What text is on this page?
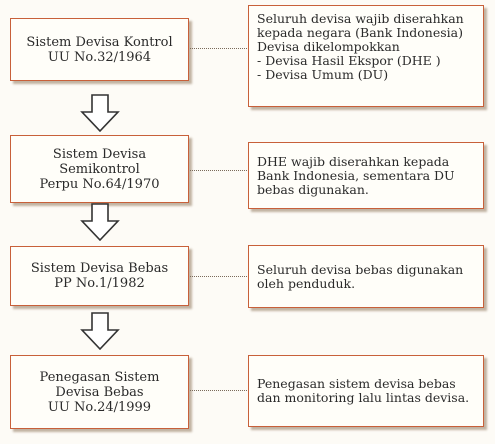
Sistem Devisa Kontrol
UU No.32/1964
Seluruh devisa wajib diserahkan
kepada negara (Bank Indonesia)
Devisa dikelompokkan
- Devisa Hasil Ekspor (DHE )
- Devisa Umum (DU)
Sistem Devisa
Semikontrol
Perpu No.64/1970
DHE wajib diserahkan kepada
Bank Indonesia, sementara DU
bebas digunakan.
Sistem Devisa Bebas
PP No.1/1982
Seluruh devisa bebas digunakan
oleh penduduk.
Penegasan Sistem
Devisa Bebas
UU No.24/1999
Penegasan sistem devisa bebas
dan monitoring lalu lintas devisa.
